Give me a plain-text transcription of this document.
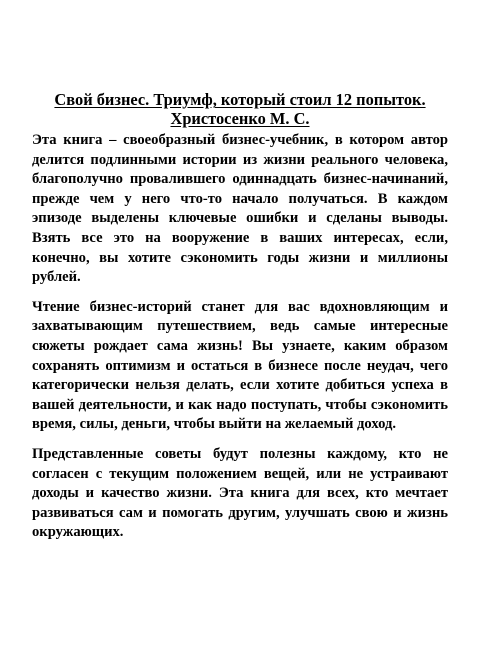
Свой бизнес. Триумф, который стоил 12 попыток.
Христосенко М. С.

Эта книга – своеобразный бизнес-учебник, в котором автор делится подлинными истории из жизни реального человека, благополучно провалившего одиннадцать бизнес-начинаний, прежде чем у него что-то начало получаться. В каждом эпизоде выделены ключевые ошибки и сделаны выводы. Взять все это на вооружение в ваших интересах, если, конечно, вы хотите сэкономить годы жизни и миллионы рублей.

Чтение бизнес-историй станет для вас вдохновляющим и захватывающим путешествием, ведь самые интересные сюжеты рождает сама жизнь! Вы узнаете, каким образом сохранять оптимизм и остаться в бизнесе после неудач, чего категорически нельзя делать, если хотите добиться успеха в вашей деятельности, и как надо поступать, чтобы сэкономить время, силы, деньги, чтобы выйти на желаемый доход.

Представленные советы будут полезны каждому, кто не согласен с текущим положением вещей, или не устраивают доходы и качество жизни. Эта книга для всех, кто мечтает развиваться сам и помогать другим, улучшать свою и жизнь окружающих.
